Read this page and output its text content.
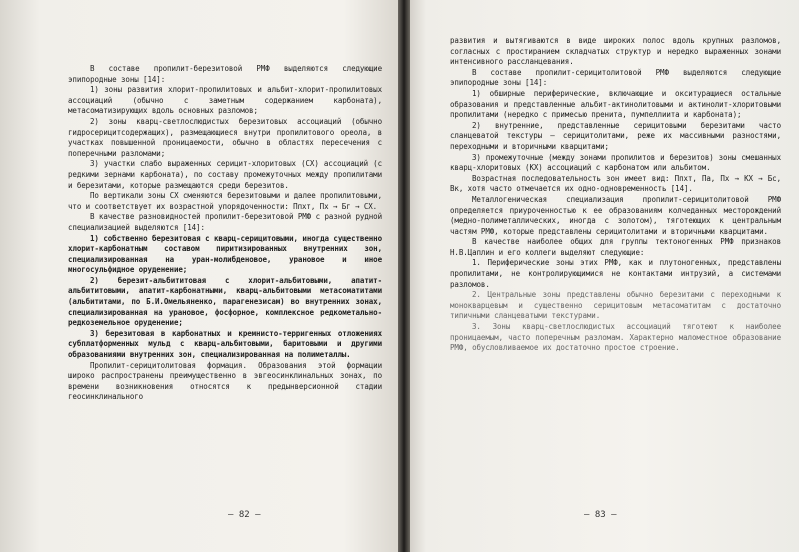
В составе пропилит-березитовой РМФ выделяются следующие эпипородные зоны [14]:

1) зоны развития хлорит-пропилитовых и альбит-хлорит-пропилитовых ассоциаций (обычно с заметным содержанием карбоната), метасоматизирующих вдоль основных разломов;

2) зоны кварц-светлослюдистых березитовых ассоциаций (обычно гидросерицитсодержащих), размещающиеся внутри пропилитового ореола, в участках повышенной проницаемости, обычно в областях пересечения с поперечными разломами;

3) участки слабо выраженных серицит-хлоритовых (СХ) ассоциаций (с редкими зернами карбоната), по составу промежуточных между пропилитами и березитами, которые размещаются среди березитов.

По вертикали зоны СХ сменяются березитовыми и далее пропилитовыми, что и соответствует их возрастной упорядоченности: Ппхт, Пх → Бг → СХ.

В качестве разновидностей пропилит-березитовой РМФ с разной рудной специализацией выделяются [14]:

1) собственно березитовая с кварц-серицитовыми, иногда существенно хлорит-карбонатным составом пиритизированных внутренних зон, специализированная на уран-молибденовое, урановое и иное многосульфидное оруденение;

2) березит-альбититовая с хлорит-альбитовыми, апатит-альбититовыми, апатит-карбонатными, кварц-альбитовыми метасоматитами (альбититами, по Б.И.Омельяненко, парагенезисам) во внутренних зонах, специализированная на урановое, фосфорное, комплексное редкометально-редкоземельное оруденение;

3) березитовая в карбонатных и кремнисто-терригенных отложениях субплатформенных мульд с кварц-альбитовыми, баритовыми и другими образованиями внутренних зон, специализированная на полиметаллы.

Пропилит-серицитолитовая формация. Образования этой формации широко распространены преимущественно в эвгеосинклинальных зонах, по времени возникновения относятся к предынверсионной стадии геосинклинального

— 82 —

развития и вытягиваются в виде широких полос вдоль крупных разломов, согласных с простиранием складчатых структур и нередко выраженных зонами интенсивного рассланцевания.

В составе пропилит-серицитолитовой РМФ выделяются следующие эпипородные зоны [14]:

1) обширные периферические, включающие и окситуращиеся остальные образования и представленные альбит-актинолитовыми и актинолит-хлоритовыми пропилитами (нередко с примесью пренита, пумпеллиита и карбоната);

2) внутренние, представленные серицитовыми березитами часто сланцеватой текстуры – серицитолитами, реже их массивными разностями, переходными и вторичными кварцитами;

3) промежуточные (между зонами пропилитов и березитов) зоны смешанных кварц-хлоритовых (КХ) ассоциаций с карбонатом или альбитом.

Возрастная последовательность зон имеет вид: Ппхт, Па, Пх → КХ → Бс, Вк, хотя часто отмечается их одно-одновременность [14].

Металлогеническая специализация пропилит-серицитолитовой РМФ определяется приуроченностью к ее образованиям колчеданных месторождений (медно-полиметаллических, иногда с золотом), тяготеющих к центральным частям РМФ, которые представлены серицитолитами и вторичными кварцитами.

В качестве наиболее общих для группы тектоногенных РМФ признаков Н.В.Цаплин и его коллеги выделяют следующие:

1. Периферические зоны этих РМФ, как и плутоногенных, представлены пропилитами, не контролирующимися не контактами интрузий, а системами разломов.

2. Центральные зоны представлены обычно березитами с переходными к монокварцевым и существенно серицитовым метасоматитам с достаточно типичными сланцеватыми текстурами.

3. Зоны кварц-светлослюдистых ассоциаций тяготеют к наиболее проницаемым, часто поперечным разломам. Характерно маломестное образование РМФ, обусловливаемое их достаточно простое строение.

— 83 —
